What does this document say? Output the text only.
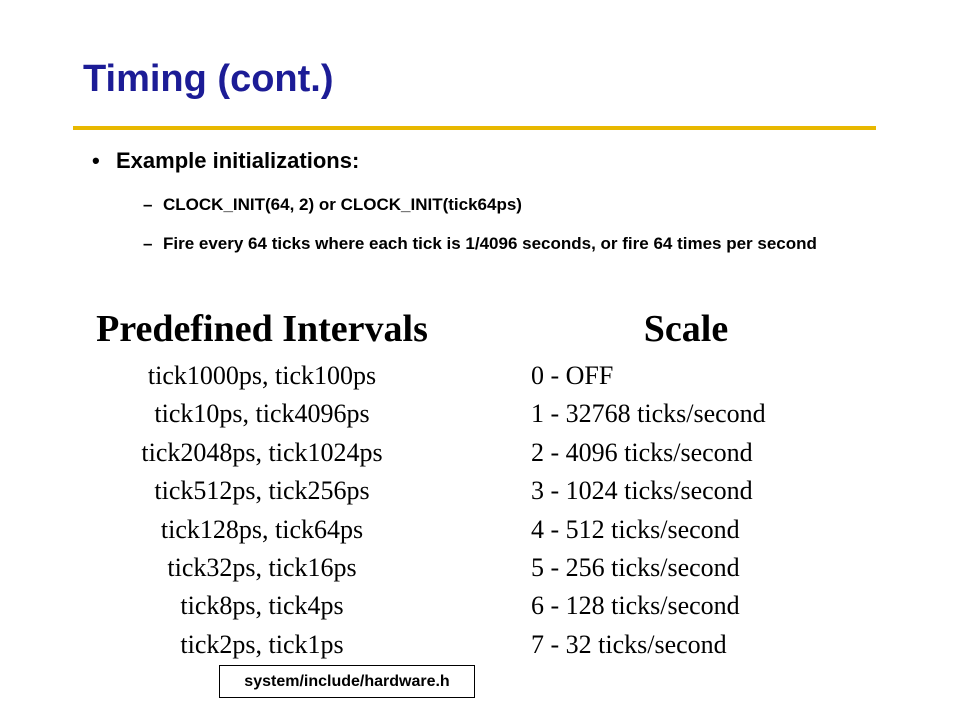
Timing (cont.)
• Example initializations:
– CLOCK_INIT(64, 2) or CLOCK_INIT(tick64ps)
– Fire every 64 ticks where each tick is 1/4096 seconds, or fire 64 times per second
Predefined Intervals
tick1000ps, tick100ps
tick10ps, tick4096ps
tick2048ps, tick1024ps
tick512ps, tick256ps
tick128ps, tick64ps
tick32ps, tick16ps
tick8ps, tick4ps
tick2ps, tick1ps
Scale
0 - OFF
1 - 32768 ticks/second
2 - 4096 ticks/second
3 - 1024 ticks/second
4 - 512 ticks/second
5 - 256 ticks/second
6 - 128 ticks/second
7 - 32 ticks/second
system/include/hardware.h
